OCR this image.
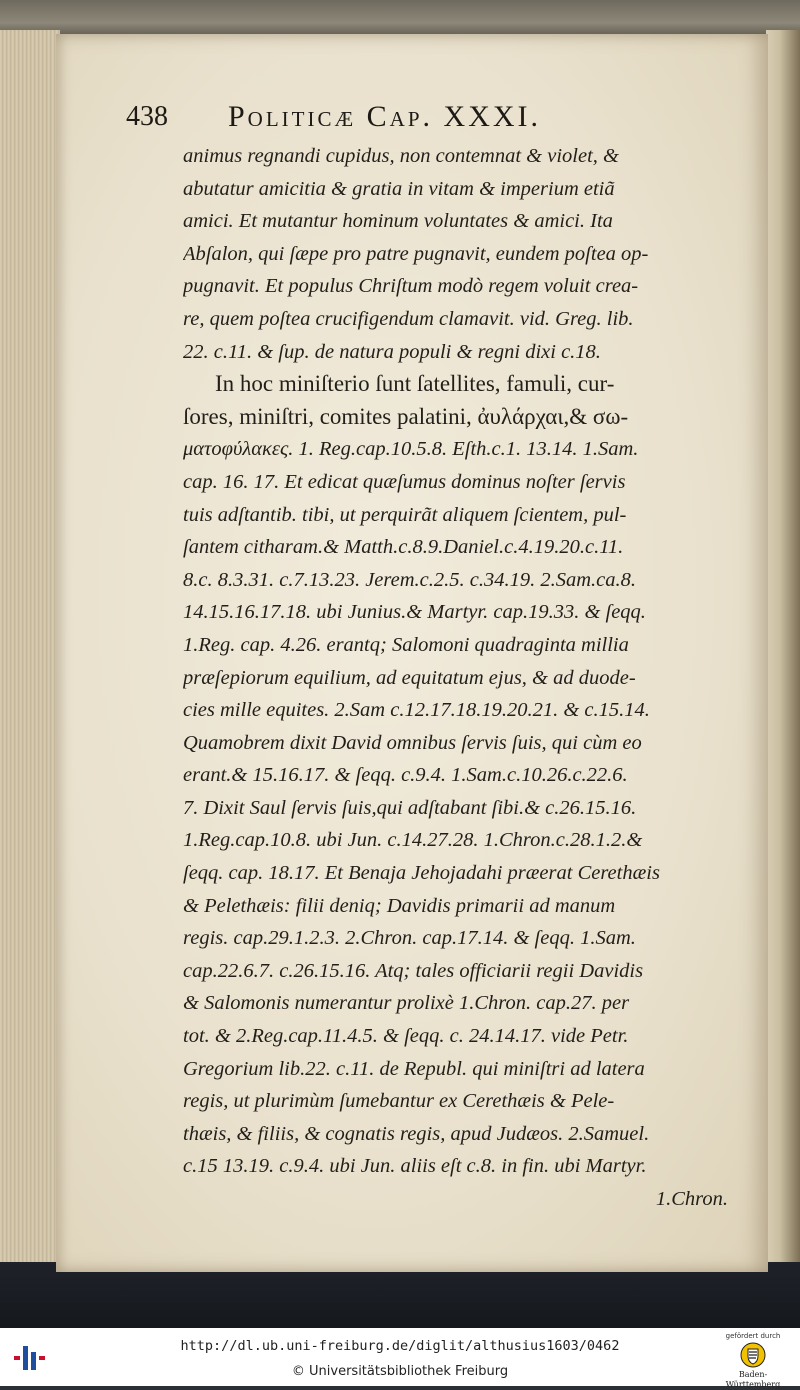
438 Politicæ Cap. XXXI.
animus regnandi cupidus, non contemnat & violet, &
abutatur amicitia & gratia in vitam & imperium etiã
amici. Et mutantur hominum voluntates & amici. Ita
Abſalon, qui ſæpe pro patre pugnavit, eundem poſtea op-
pugnavit. Et populus Chriſtum modò regem voluit crea-
re, quem poſtea crucifigendum clamavit. vid. Greg. lib.
22. c.11. & ſup. de natura populi & regni dixi c.18.
In hoc miniſterio ſunt ſatellites, famuli, cur-
ſores, miniſtri, comites palatini, ἀυλάρχαι,& σω-
ματοφύλακες. 1. Reg.cap.10.5.8. Eſth.c.1. 13.14. 1.Sam.
cap. 16. 17. Et edicat quæſumus dominus noſter ſervis
tuis adſtantib. tibi, ut perquirãt aliquem ſcientem, pul-
ſantem citharam.& Matth.c.8.9.Daniel.c.4.19.20.c.11.
8.c. 8.3.31. c.7.13.23. Jerem.c.2.5. c.34.19. 2.Sam.ca.8.
14.15.16.17.18. ubi Junius.& Martyr. cap.19.33. & ſeqq.
1.Reg. cap. 4.26. erantq; Salomoni quadraginta millia
præſepiorum equilium, ad equitatum ejus, & ad duode-
cies mille equites. 2.Sam c.12.17.18.19.20.21. & c.15.14.
Quamobrem dixit David omnibus ſervis ſuis, qui cùm eo
erant.& 15.16.17. & ſeqq. c.9.4. 1.Sam.c.10.26.c.22.6.
7. Dixit Saul ſervis ſuis,qui adſtabant ſibi.& c.26.15.16.
1.Reg.cap.10.8. ubi Jun. c.14.27.28. 1.Chron.c.28.1.2.&
ſeqq. cap. 18.17. Et Benaja Jehojadahi præerat Cerethæis
& Pelethæis: filii deniq; Davidis primarii ad manum
regis. cap.29.1.2.3. 2.Chron. cap.17.14. & ſeqq. 1.Sam.
cap.22.6.7. c.26.15.16. Atq; tales officiarii regii Davidis
& Salomonis numerantur prolixè 1.Chron. cap.27. per
tot. & 2.Reg.cap.11.4.5. & ſeqq. c. 24.14.17. vide Petr.
Gregorium lib.22. c.11. de Republ. qui miniſtri ad latera
regis, ut plurimùm ſumebantur ex Cerethæis & Pele-
thæis, & filiis, & cognatis regis, apud Judæos. 2.Samuel.
c.15 13.19. c.9.4. ubi Jun. aliis eſt c.8. in fin. ubi Martyr.
1.Chron.
http://dl.ub.uni-freiburg.de/diglit/althusius1603/0462
© Universitätsbibliothek Freiburg
gefördert durch
Baden-Württemberg
